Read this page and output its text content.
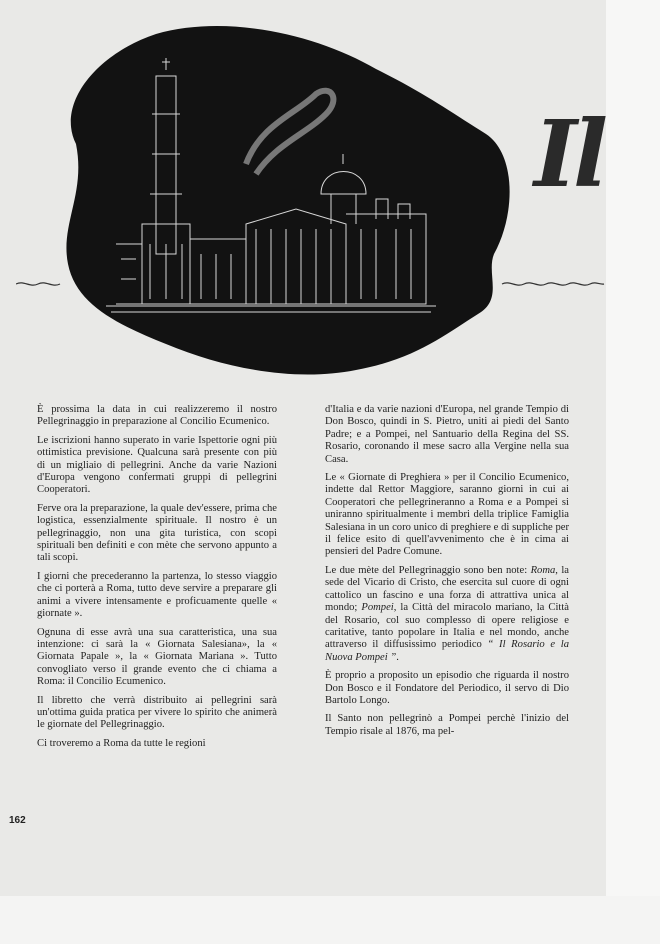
Il

È prossima la data in cui realizzeremo il nostro Pellegrinaggio in preparazione al Concilio Ecumenico.

Le iscrizioni hanno superato in varie Ispettorie ogni più ottimistica previsione. Qualcuna sarà presente con più di un migliaio di pellegrini. Anche da varie Nazioni d'Europa vengono confermati gruppi di pellegrini Cooperatori.

Ferve ora la preparazione, la quale dev'essere, prima che logistica, essenzialmente spirituale. Il nostro è un pellegrinaggio, non una gita turistica, con scopi spirituali ben definiti e con mète che servono appunto a tali scopi.

I giorni che precederanno la partenza, lo stesso viaggio che ci porterà a Roma, tutto deve servire a preparare gli animi a vivere intensamente e proficuamente quelle « giornate ».

Ognuna di esse avrà una sua caratteristica, una sua intenzione: ci sarà la « Giornata Salesiana», la « Giornata Papale », la « Giornata Mariana ». Tutto convogliato verso il grande evento che ci chiama a Roma: il Concilio Ecumenico.

Il libretto che verrà distribuito ai pellegrini sarà un'ottima guida pratica per vivere lo spirito che animerà le giornate del Pellegrinaggio.

Ci troveremo a Roma da tutte le regioni

d'Italia e da varie nazioni d'Europa, nel grande Tempio di Don Bosco, quindi in S. Pietro, uniti ai piedi del Santo Padre; e a Pompei, nel Santuario della Regina del SS. Rosario, coronando il mese sacro alla Vergine nella sua Casa.

Le « Giornate di Preghiera » per il Concilio Ecumenico, indette dal Rettor Maggiore, saranno giorni in cui ai Cooperatori che pellegrineranno a Roma e a Pompei si uniranno spiritualmente i membri della triplice Famiglia Salesiana in un coro unico di preghiere e di suppliche per il felice esito di quell'avvenimento che è in cima ai pensieri del Padre Comune.

Le due mète del Pellegrinaggio sono ben note: Roma, la sede del Vicario di Cristo, che esercita sul cuore di ogni cattolico un fascino e una forza di attrattiva unica al mondo; Pompei, la Città del miracolo mariano, la Città del Rosario, col suo complesso di opere religiose e caritative, tanto popolare in Italia e nel mondo, anche attraverso il diffusissimo periodico “ Il Rosario e la Nuova Pompei ”.

È proprio a proposito un episodio che riguarda il nostro Don Bosco e il Fondatore del Periodico, il servo di Dio Bartolo Longo.

Il Santo non pellegrinò a Pompei perchè l'inizio del Tempio risale al 1876, ma pel-

162
